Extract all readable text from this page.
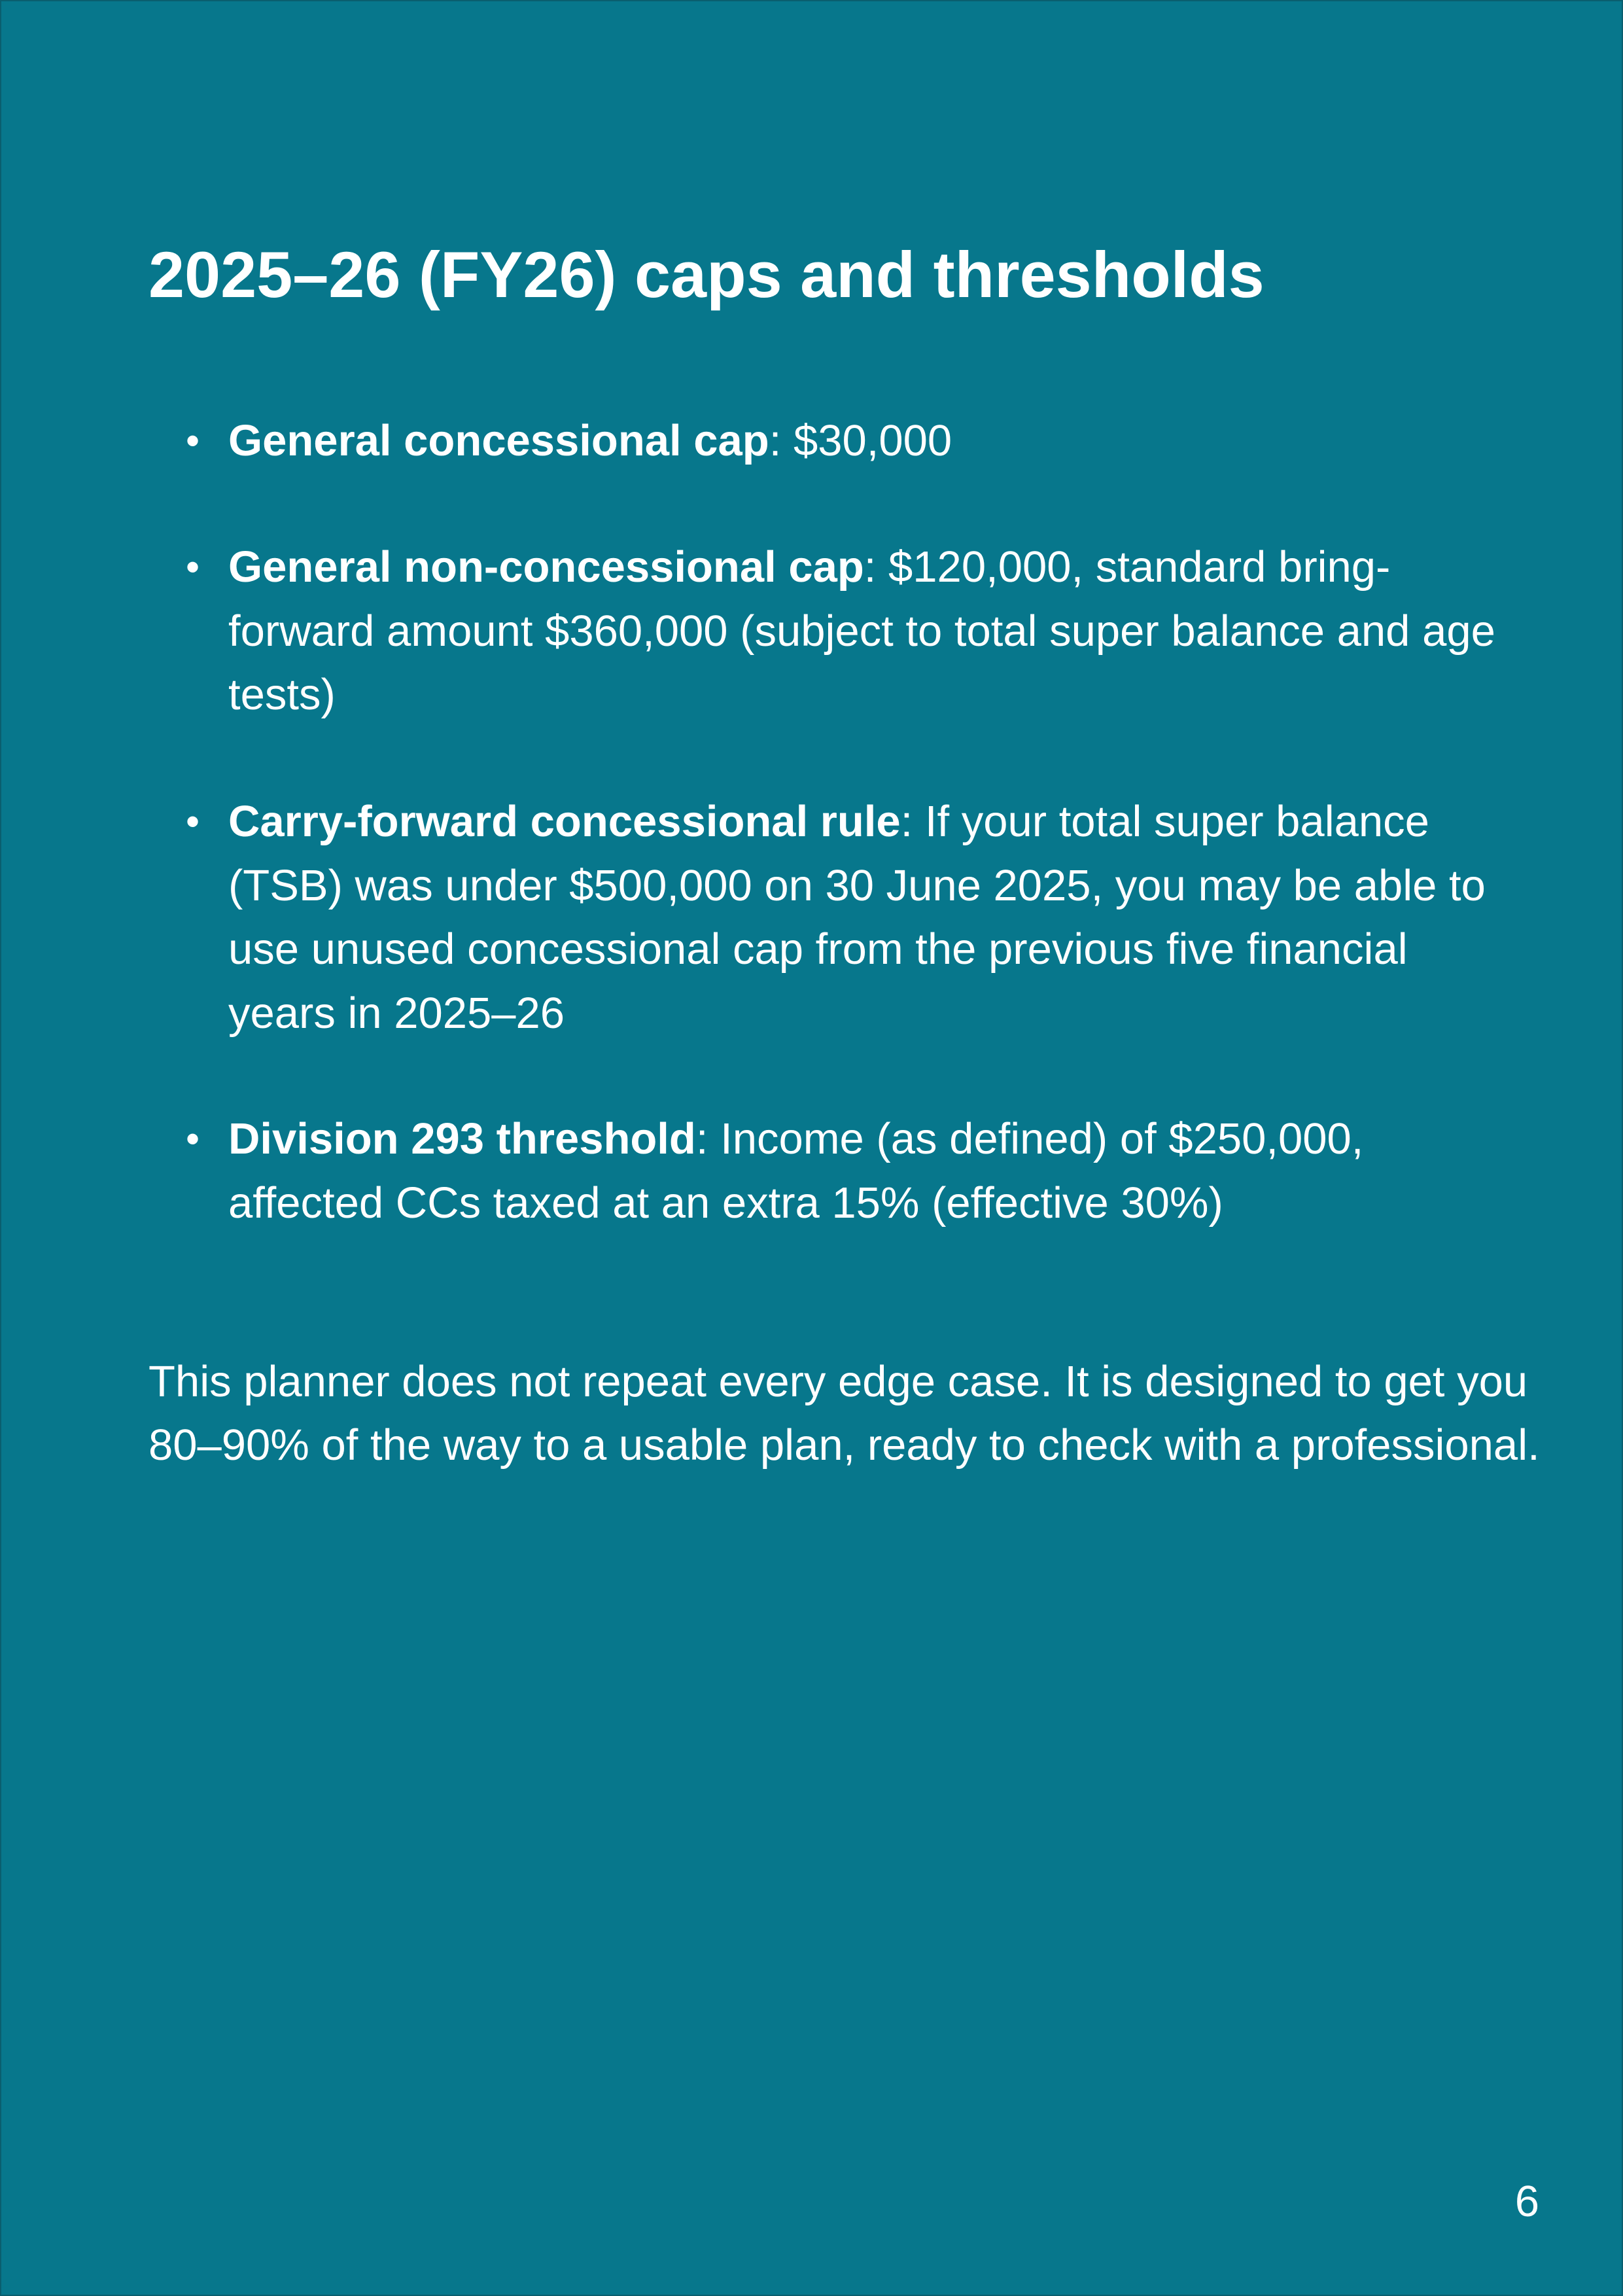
2025–26 (FY26) caps and thresholds
• General concessional cap: $30,000
• General non-concessional cap: $120,000, standard bring-forward amount $360,000 (subject to total super balance and age tests)
• Carry-forward concessional rule: If your total super balance (TSB) was under $500,000 on 30 June 2025, you may be able to use unused concessional cap from the previous five financial years in 2025–26
• Division 293 threshold: Income (as defined) of $250,000, affected CCs taxed at an extra 15% (effective 30%)

This planner does not repeat every edge case. It is designed to get you 80–90% of the way to a usable plan, ready to check with a professional.

6
